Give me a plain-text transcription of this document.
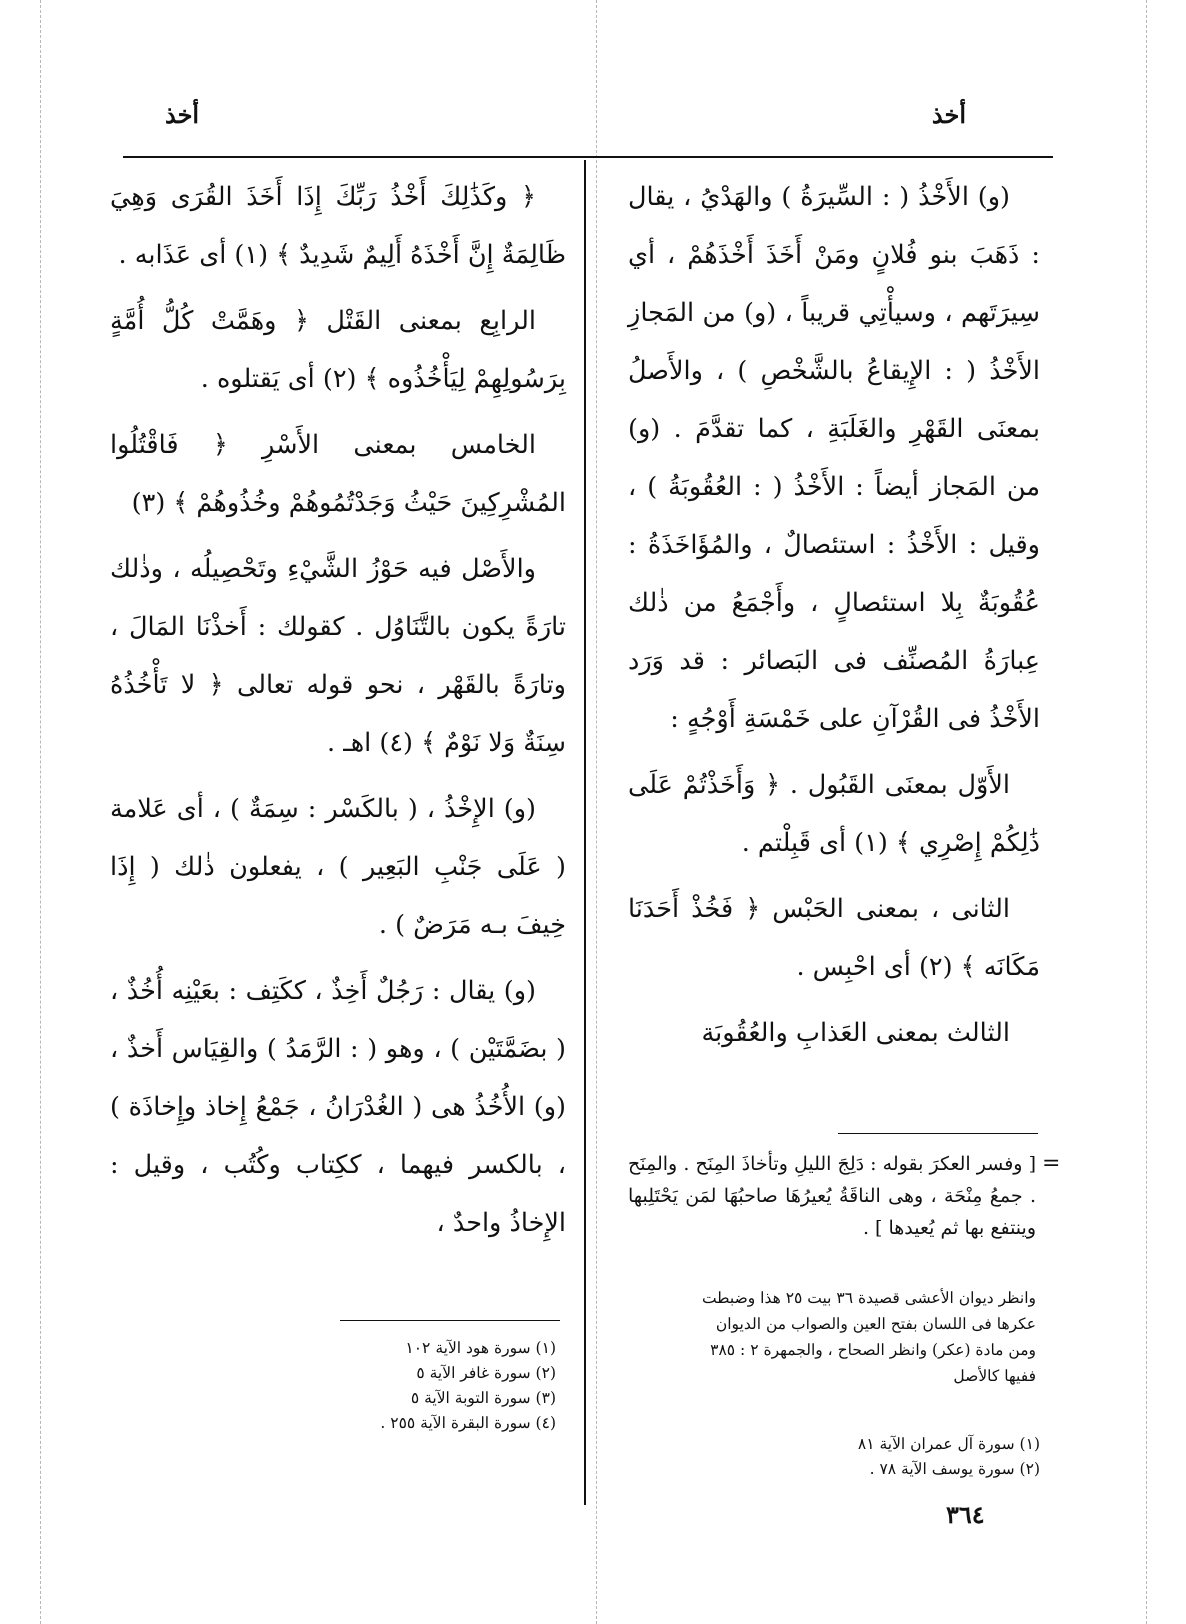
أخذ
أخذ

(و) الأَخْذُ ( : السِّيرَةُ ) والهَدْيُ ، يقال : ذَهَبَ بنو فُلانٍ ومَنْ أَخَذَ أَخْذَهُمْ ، أي سِيرَتَهم ، وسيأْتِي قريباً ، (و) من المَجازِ الأَخْذُ ( : الإِيقاعُ بالشَّخْصِ ) ، والأَصلُ بمعنَى القَهْرِ والغَلَبَةِ ، كما تقدَّمَ . (و) من المَجاز أيضاً : الأَخْذُ ( : العُقُوبَةُ ) ، وقيل : الأَخْذُ : استئصالٌ ، والمُؤَاخَذَةُ : عُقُوبَةٌ بِلا استئصالٍ ، وأَجْمَعُ من ذٰلك عِبارَةُ المُصنِّف فى البَصائر : قد وَرَد الأَخْذُ فى القُرْآنِ على خَمْسَةِ أَوْجُهٍ :

الأَوّل بمعنَى القَبُول . ﴿ وَأَخَذْتُمْ عَلَى ذَٰلِكُمْ إِصْرِي ﴾ (١) أى قَبِلْتم .

الثانى ، بمعنى الحَبْس ﴿ فَخُذْ أَحَدَنَا مَكَانَه ﴾ (٢) أى احْبِس .

الثالث بمعنى العَذابِ والعُقُوبَة

=
[ وفسر العكرَ بقوله : دَلِجَ الليلِ وتأخاذَ المِنَح . والمِنَح . جمعُ مِنْحَة ، وهى الناقَةُ يُعيرُهَا صاحبُهَا لمَن يَحْتَلِبها وينتفع بها ثم يُعيدها ] .
وانظر ديوان الأعشى قصيدة ٣٦ بيت ٢٥ هذا وضبطت
عكرها فى اللسان بفتح العين والصواب من الديوان
ومن مادة (عكر) وانظر الصحاح ، والجمهرة ٢ : ٣٨٥
ففيها كالأصل
(١) سورة آل عمران الآية ٨١
(٢) سورة يوسف الآية ٧٨ .

﴿ وكَذَٰلِكَ أَخْذُ رَبِّكَ إِذَا أَخَذَ القُرَى وَهِيَ ظَالِمَةٌ إِنَّ أَخْذَهُ أَلِيمٌ شَدِيدٌ ﴾ (١) أى عَذَابه .

الرابِع بمعنى القَتْل ﴿ وهَمَّتْ كُلُّ أُمَّةٍ بِرَسُولِهِمْ لِيَأْخُذُوه ﴾ (٢) أى يَقتلوه .

الخامس بمعنى الأَسْرِ ﴿ فَاقْتُلُوا المُشْرِكِينَ حَيْثُ وَجَدْتُمُوهُمْ وخُذُوهُمْ ﴾ (٣)

والأَصْل فيه حَوْزُ الشَّيْءِ وتَحْصِيلُه ، وذٰلك تارَةً يكون بالتَّنَاوُل . كقولك : أَخذْنَا المَالَ ، وتارَةً بالقَهْر ، نحو قوله تعالى ﴿ لا تَأْخُذُهُ سِنَةٌ وَلا نَوْمٌ ﴾ (٤) اهـ .

(و) الإِخْذُ ، ( بالكَسْر : سِمَةٌ ) ، أى عَلامة ( عَلَى جَنْبِ البَعِير ) ، يفعلون ذٰلك ( إِذَا خِيفَ بـه مَرَضٌ ) .

(و) يقال : رَجُلٌ أَخِذٌ ، ككَتِف : بعَيْنِه أُخُذٌ ، ( بضَمَّتَيْن ) ، وهو ( : الرَّمَدُ ) والقِيَاس أَخذٌ ، (و) الأُخُذُ هى ( الغُدْرَانُ ، جَمْعُ إِخاذ وإِخاذَة ) ، بالكسر فيهما ، ككِتاب وكُتُب ، وقيل : الإِخاذُ واحدٌ ،

(١) سورة هود الآية ١٠٢
(٢) سورة غافر الآية ٥
(٣) سورة التوبة الآية ٥
(٤) سورة البقرة الآية ٢٥٥ .
٣٦٤
